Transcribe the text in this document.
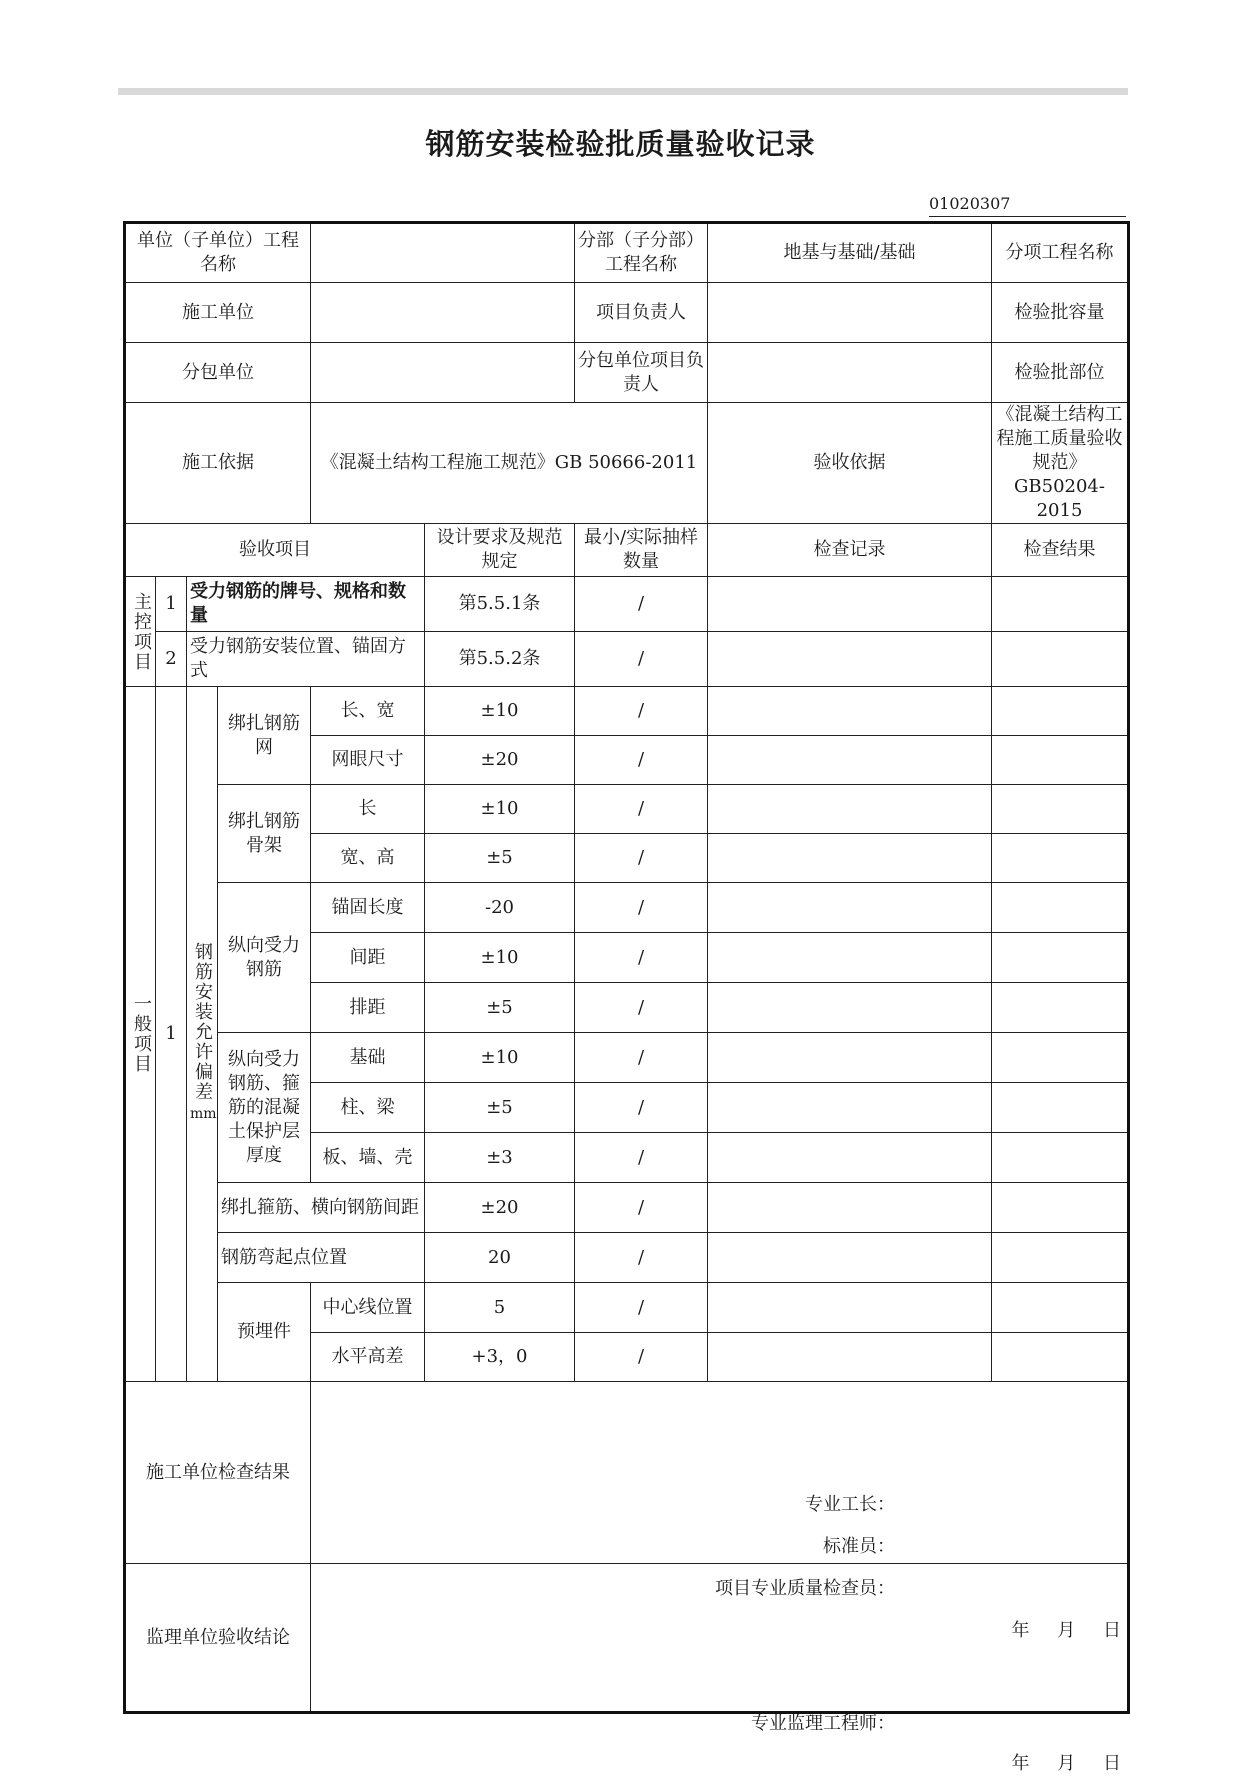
钢筋安装检验批质量验收记录
01020307
单位（子单位）工程名称						分部（子分部）工程名称	地基与基础/基础	分项工程名称
施工单位						项目负责人		检验批容量
分包单位						分包单位项目负责人		检验批部位
施工依据				《混凝土结构工程施工规范》GB 50666-2011			验收依据	《混凝土结构工程施工质量验收规范》GB50204-2015
验收项目					设计要求及规范规定	最小/实际抽样数量	检查记录	检查结果

主控项目	1	受力钢筋的牌号、规格和数量			第5.5.1条	/		
	2	受力钢筋安装位置、锚固方式			第5.5.2条	/		

一般项目	1	钢筋安装允许偏差
mm	绑扎钢筋网	长、宽	±10	/		
				网眼尺寸	±20	/		
			绑扎钢筋骨架	长	±10	/		
				宽、高	±5	/		
			纵向受力钢筋	锚固长度	-20	/		
				间距	±10	/		
				排距	±5	/		
			纵向受力钢筋、箍筋的混凝土保护层厚度	基础	±10	/		
				柱、梁	±5	/		
				板、墙、壳	±3	/		
			绑扎箍筋、横向钢筋间距		±20	/		
			钢筋弯起点位置		20	/		
			预埋件	中心线位置	5	/		
				水平高差	+3，0	/		
施工单位检查结果				专业工长：
标准员：
项目专业质量检查员：
年 月 日				

监理单位验收结论				专业监理工程师：
年 月 日				
